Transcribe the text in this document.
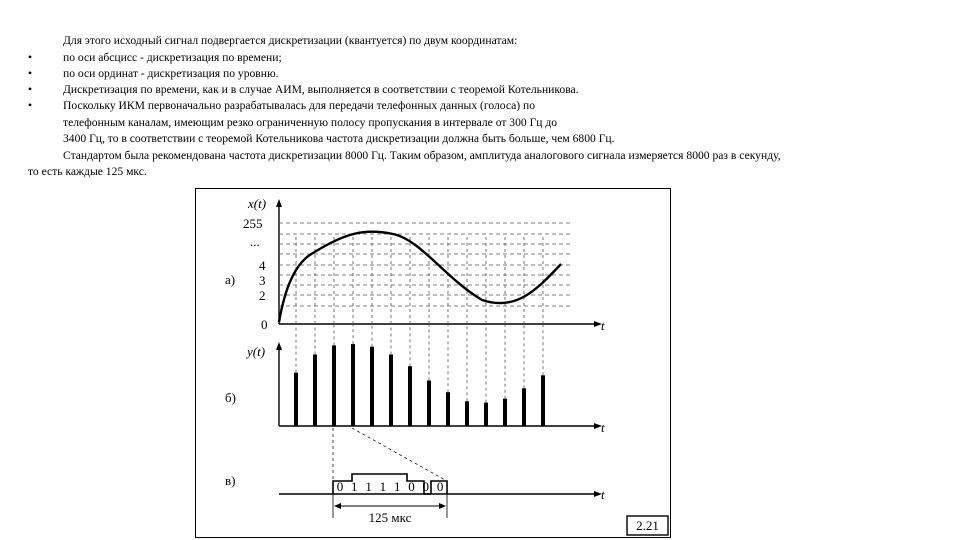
Для этого исходный сигнал подвергается дискретизации (квантуется) по двум координатам:
•	по оси абсцисс - дискретизация по времени;
•	по оси ординат - дискретизация по уровню.
•	Дискретизация по времени, как и в случае АИМ, выполняется в соответствии с теоремой Котельникова.
•	Поскольку ИКМ первоначально разрабатывалась для передачи телефонных данных (голоса) по
телефонным каналам, имеющим резко ограниченную полосу пропускания в интервале от 300 Гц до
3400 Гц, то в соответствии с теоремой Котельникова частота дискретизации должна быть больше, чем 6800 Гц.
Стандартом была рекомендована частота дискретизации 8000 Гц. Таким образом, амплитуда аналогового сигнала измеряется 8000 раз в секунду,
то есть каждые 125 мкс.
x(t)
255
...
4
3
2
0
а)
t
y(t)
б)
t
0 1 1 1 1 0 0 0
125 мкс
в)
t
2.21
